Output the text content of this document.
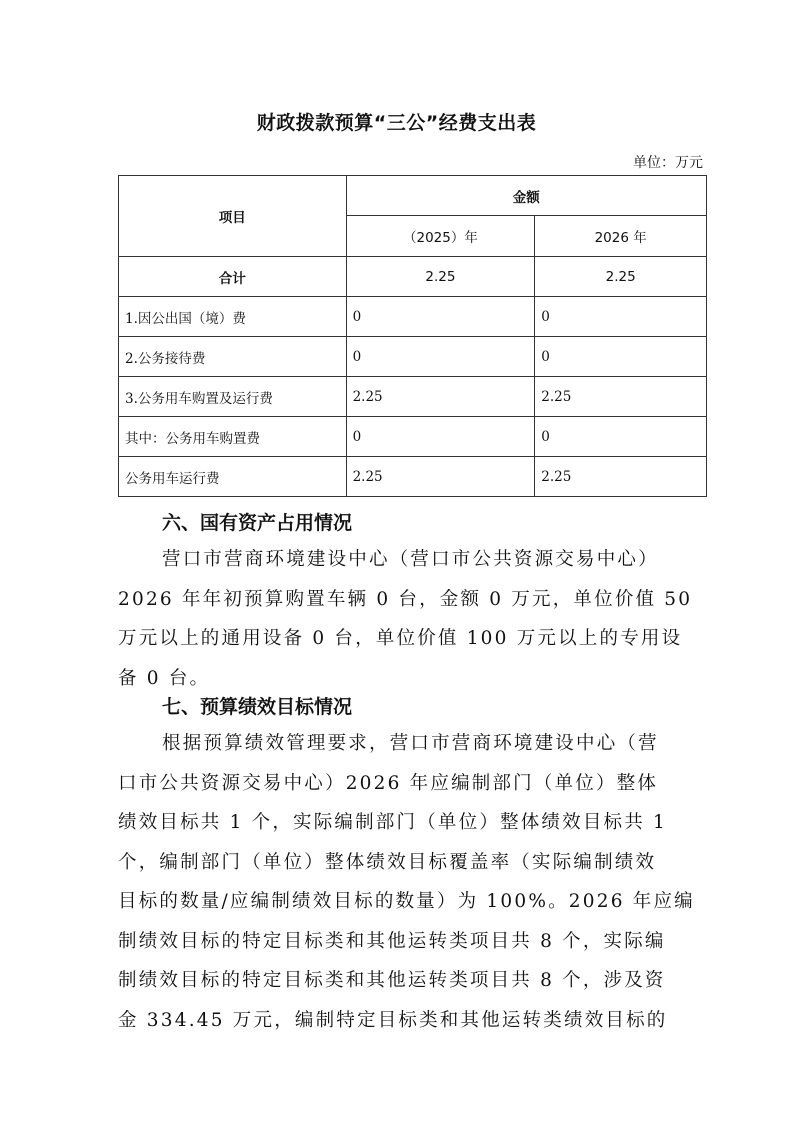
财政拨款预算“三公”经费支出表
单位：万元
项目	金额	
	（2025）年	2026 年
合计	2.25	2.25
1.因公出国（境）费	0	0
2.公务接待费	0	0
3.公务用车购置及运行费	2.25	2.25
其中：公务用车购置费	0	0
公务用车运行费	2.25	2.25
六、国有资产占用情况
营口市营商环境建设中心（营口市公共资源交易中心）
2026 年年初预算购置车辆 0 台，金额 0 万元，单位价值 50
万元以上的通用设备 0 台，单位价值 100 万元以上的专用设
备 0 台。
七、预算绩效目标情况
根据预算绩效管理要求，营口市营商环境建设中心（营
口市公共资源交易中心）2026 年应编制部门（单位）整体
绩效目标共 1 个，实际编制部门（单位）整体绩效目标共 1
个，编制部门（单位）整体绩效目标覆盖率（实际编制绩效
目标的数量/应编制绩效目标的数量）为 100%。2026 年应编
制绩效目标的特定目标类和其他运转类项目共 8 个，实际编
制绩效目标的特定目标类和其他运转类项目共 8 个，涉及资
金 334.45 万元，编制特定目标类和其他运转类绩效目标的
